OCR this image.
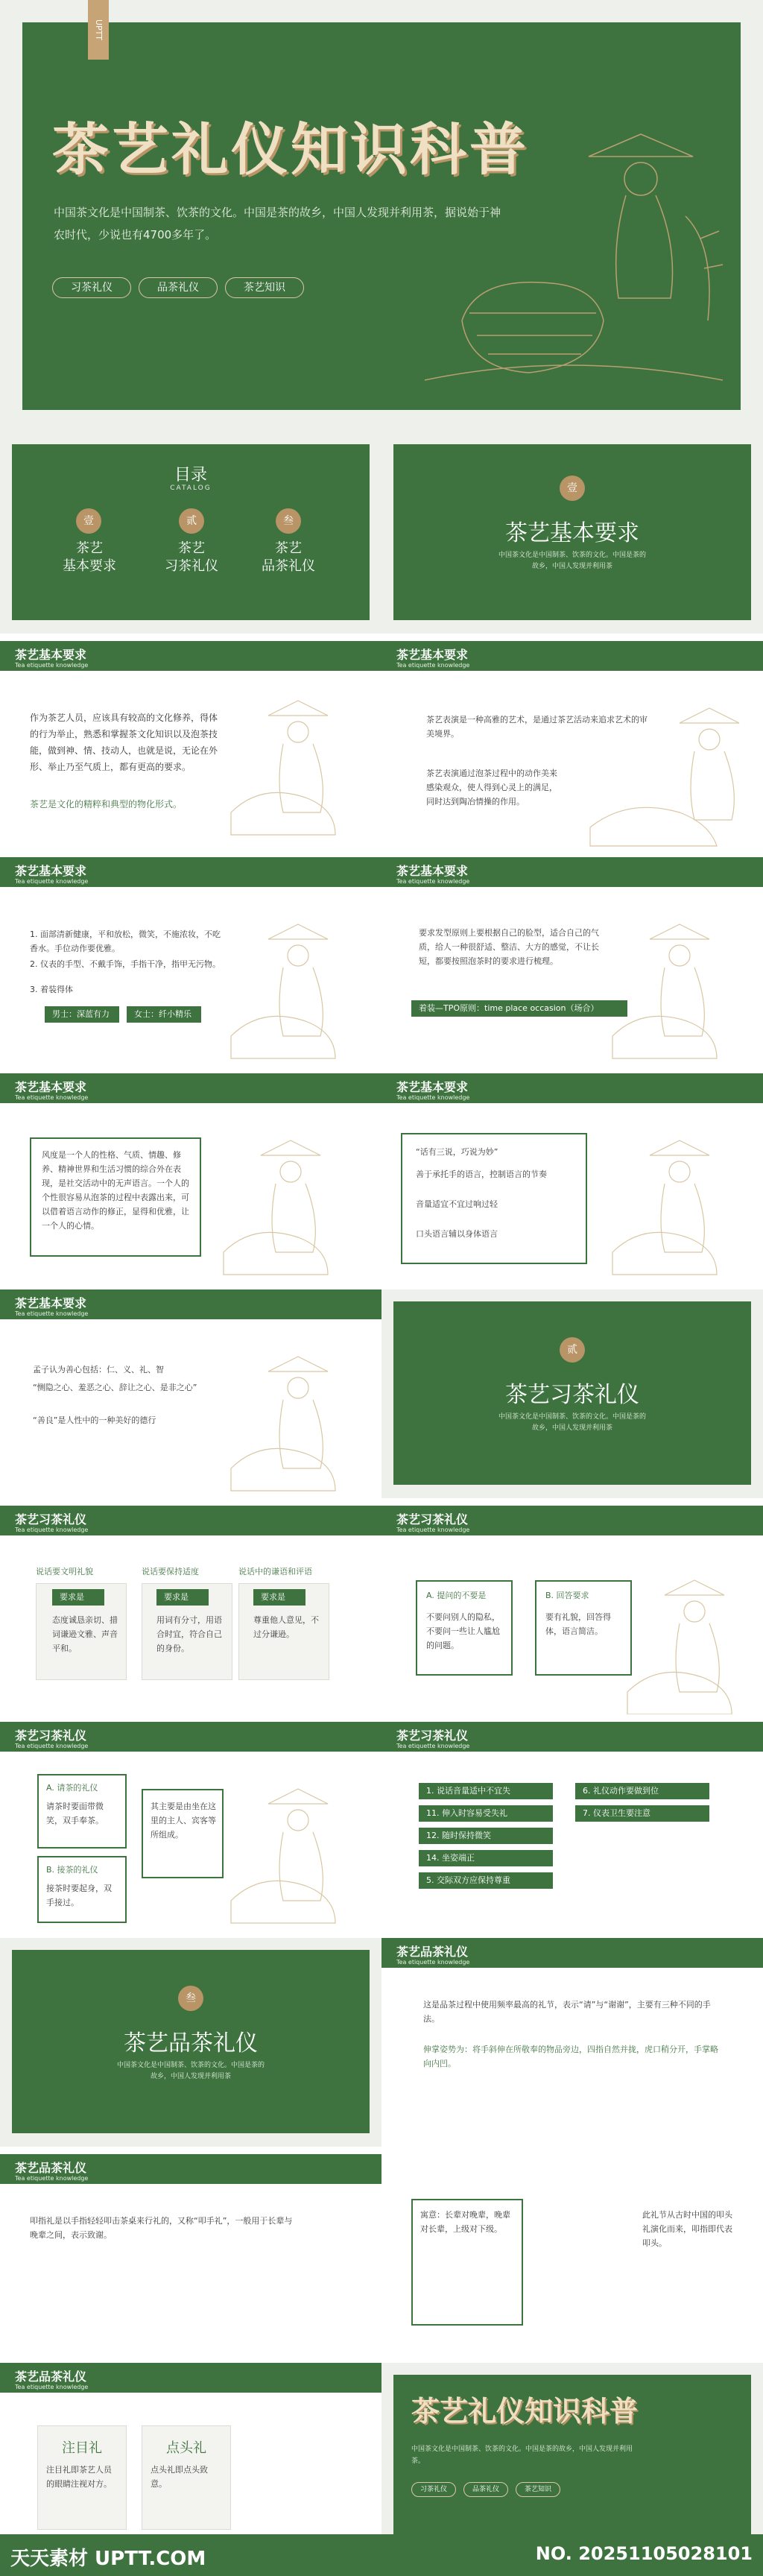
UPTT
茶艺礼仪知识科普
中国茶文化是中国制茶、饮茶的文化。中国是茶的故乡，中国人发现并利用茶，据说始于神农时代，少说也有4700多年了。
习茶礼仪	品茶礼仪	茶艺知识
目录
CATALOG
壹
茶艺
基本要求
贰
茶艺
习茶礼仪
叁
茶艺
品茶礼仪
壹
茶艺基本要求
中国茶文化是中国制茶、饮茶的文化。中国是茶的故乡，中国人发现并利用茶
茶艺基本要求
Tea etiquette knowledge
作为茶艺人员，应该具有较高的文化修养，得体的行为举止，熟悉和掌握茶文化知识以及泡茶技能，做到神、情、技动人，也就是说，无论在外形、举止乃至气质上，都有更高的要求。
茶艺是文化的精粹和典型的物化形式。
茶艺基本要求
Tea etiquette knowledge
茶艺表演是一种高雅的艺术，是通过茶艺活动来追求艺术的审美境界。
茶艺表演通过泡茶过程中的动作美来感染观众，使人得到心灵上的满足，同时达到陶冶情操的作用。
茶艺基本要求
Tea etiquette knowledge
1. 面部清新健康，平和放松，微笑，不施浓妆，不吃香水。手位动作要优雅。
2. 仪表的手型、不戴手饰，手指干净，指甲无污物。
3. 着装得体
男士：深蓝有力	女士：纤小精乐
茶艺基本要求
Tea etiquette knowledge
要求发型原则上要根据自己的脸型，适合自己的气质，给人一种很舒适、整洁、大方的感觉，不让长短，都要按照泡茶时的要求进行梳理。
着装—TPO原则：time place occasion（场合）
茶艺基本要求
Tea etiquette knowledge
风度是一个人的性格、气质、情趣、修养、精神世界和生活习惯的综合外在表现，是社交活动中的无声语言。一个人的个性很容易从泡茶的过程中表露出来，可以借着语言动作的修正，显得和优雅，让一个人的心情。
茶艺基本要求
Tea etiquette knowledge
“话有三说，巧说为妙”
善于承托手的语言，控制语言的节奏
音量适宜不宜过响过轻
口头语言辅以身体语言
茶艺基本要求
Tea etiquette knowledge
孟子认为善心包括：仁、义、礼、智
“恻隐之心、羞恶之心、辞让之心、是非之心”
“善良”是人性中的一种美好的德行
贰
茶艺习茶礼仪
中国茶文化是中国制茶、饮茶的文化。中国是茶的故乡，中国人发现并利用茶
茶艺习茶礼仪
Tea etiquette knowledge
说话要文明礼貌	说话要保持适度	说话中的谦语和评语
要求是
态度诚恳亲切、措词谦逊文雅、声音平和。
要求是
用词有分寸，用语合时宜，符合自己的身份。
要求是
尊重他人意见，不过分谦逊。
茶艺习茶礼仪
Tea etiquette knowledge
A. 提问的不要是
不要问别人的隐私，不要问一些让人尴尬的问题。
B. 回答要求
要有礼貌，回答得体，语言简洁。
茶艺习茶礼仪
Tea etiquette knowledge
A. 请茶的礼仪
请茶时要面带微笑，双手奉茶。
B. 接茶的礼仪
接茶时要起身，双手接过。
其主要是由坐在这里的主人、宾客等所组成。
茶艺习茶礼仪
Tea etiquette knowledge
1. 说话音量适中不宜失
11. 伸入时容易受失礼
12. 随时保持微笑
14. 坐姿端正
5. 交际双方应保持尊重
6. 礼仪动作要做到位
7. 仪表卫生要注意
叁
茶艺品茶礼仪
中国茶文化是中国制茶、饮茶的文化。中国是茶的故乡，中国人发现并利用茶
茶艺品茶礼仪
Tea etiquette knowledge
这是品茶过程中使用频率最高的礼节，表示“请”与“谢谢”，主要有三种不同的手法。
伸掌姿势为：将手斜伸在所敬奉的物品旁边，四指自然并拢，虎口稍分开，手掌略向内凹。
茶艺品茶礼仪
Tea etiquette knowledge
叩指礼是以手指轻轻叩击茶桌来行礼的，又称“叩手礼”，一般用于长辈与晚辈之间，表示致谢。
寓意：长辈对晚辈，晚辈对长辈，上级对下级。
此礼节从古时中国的叩头礼演化而来，叩指即代表叩头。
茶艺品茶礼仪
Tea etiquette knowledge
注目礼
注目礼即茶艺人员的眼睛注视对方。
点头礼
点头礼即点头致意。
茶艺礼仪知识科普
中国茶文化是中国制茶、饮茶的文化。中国是茶的故乡，中国人发现并利用茶。
习茶礼仪	品茶礼仪	茶艺知识
天天素材 UPTT.COM	NO. 20251105028101
